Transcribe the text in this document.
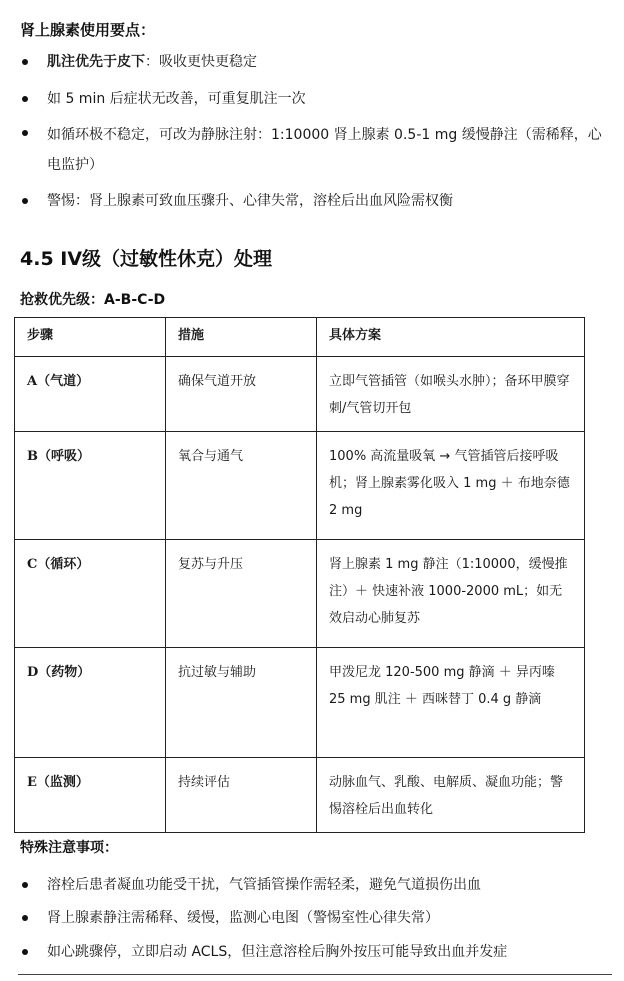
肾上腺素使用要点：
肌注优先于皮下：吸收更快更稳定
如 5 min 后症状无改善，可重复肌注一次
如循环极不稳定，可改为静脉注射：1:10000 肾上腺素 0.5-1 mg 缓慢静注（需稀释，心电监护）
警惕：肾上腺素可致血压骤升、心律失常，溶栓后出血风险需权衡
4.5 IV级（过敏性休克）处理
抢救优先级：A-B-C-D
步骤	措施	具体方案
A（气道）	确保气道开放	立即气管插管（如喉头水肿）；备环甲膜穿刺/气管切开包
B（呼吸）	氧合与通气	100% 高流量吸氧 → 气管插管后接呼吸机；肾上腺素雾化吸入 1 mg ＋ 布地奈德 2 mg
C（循环）	复苏与升压	肾上腺素 1 mg 静注（1:10000，缓慢推注）＋ 快速补液 1000-2000 mL；如无效启动心肺复苏
D（药物）	抗过敏与辅助	甲泼尼龙 120-500 mg 静滴 ＋ 异丙嗪 25 mg 肌注 ＋ 西咪替丁 0.4 g 静滴
E（监测）	持续评估	动脉血气、乳酸、电解质、凝血功能；警惕溶栓后出血转化
特殊注意事项：
溶栓后患者凝血功能受干扰，气管插管操作需轻柔，避免气道损伤出血
肾上腺素静注需稀释、缓慢，监测心电图（警惕室性心律失常）
如心跳骤停，立即启动 ACLS，但注意溶栓后胸外按压可能导致出血并发症
